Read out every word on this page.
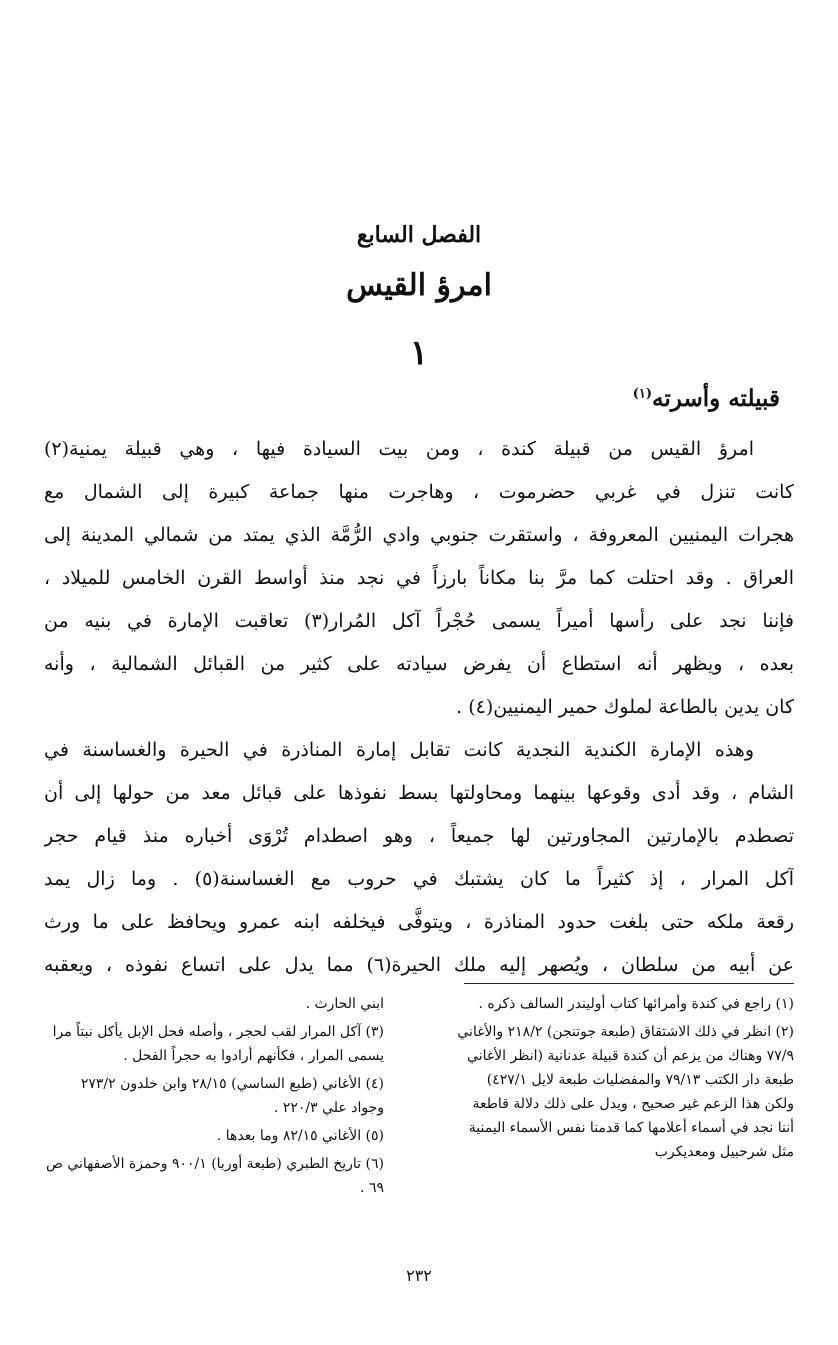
الفصل السابع
امرؤ القيس
١
قبيلته وأسرته$^{(١)}$
امرؤ القيس من قبيلة كندة ، ومن بيت السيادة فيها ، وهي قبيلة يمنية(٢)
كانت تنزل في غربي حضرموت ، وهاجرت منها جماعة كبيرة إلى الشمال مع
هجرات اليمنيين المعروفة ، واستقرت جنوبي وادي الرُّمَّة الذي يمتد من شمالي المدينة إلى
العراق . وقد احتلت كما مرَّ بنا مكاناً بارزاً في نجد منذ أواسط القرن الخامس للميلاد ،
فإننا نجد على رأسها أميراً يسمى حُجْراً آكل المُرار(٣) تعاقبت الإمارة في بنيه من
بعده ، ويظهر أنه استطاع أن يفرض سيادته على كثير من القبائل الشمالية ، وأنه
كان يدين بالطاعة لملوك حمير اليمنيين(٤) .
وهذه الإمارة الكندية النجدية كانت تقابل إمارة المناذرة في الحيرة والغساسنة في
الشام ، وقد أدى وقوعها بينهما ومحاولتها بسط نفوذها على قبائل معد من حولها إلى أن
تصطدم بالإمارتين المجاورتين لها جميعاً ، وهو اصطدام تُرْوَى أخباره منذ قيام حجر
آكل المرار ، إذ كثيراً ما كان يشتبك في حروب مع الغساسنة(٥) . وما زال يمد
رقعة ملكه حتى بلغت حدود المناذرة ، ويتوفَّى فيخلفه ابنه عمرو ويحافظ على ما ورث
عن أبيه من سلطان ، ويُصهر إليه ملك الحيرة(٦) مما يدل على اتساع نفوذه ، ويعقبه
(١) راجع في كندة وأمرائها كتاب أوليندر السالف ذكره .
(٢) انظر في ذلك الاشتقاق (طبعة جوتنجن) ٢١٨/٢ والأغاني ٧٧/٩ وهناك من يزعم أن كندة قبيلة عدنانية (انظر الأغاني طبعة دار الكتب ٧٩/١٣ والمفضليات طبعة لايل ٤٢٧/١) ولكن هذا الزعم غير صحيح ، ويدل على ذلك دلالة قاطعة أننا نجد في أسماء أعلامها كما قدمنا نفس الأسماء اليمنية مثل شرحبيل ومعديكرب
ابني الحارث .
(٣) آكل المرار لقب لحجر ، وأصله فحل الإبل يأكل نبتاً مرا يسمى المرار ، فكأنهم أرادوا به حجراً الفحل .
(٤) الأغاني (طبع الساسي) ٢٨/١٥ وابن خلدون ٢٧٣/٢ وجواد علي ٢٢٠/٣ .
(٥) الأغاني ٨٢/١٥ وما بعدها .
(٦) تاريخ الطبري (طبعة أوربا) ٩٠٠/١ وحمزة الأصفهاني ص ٦٩ .
٢٣٢
